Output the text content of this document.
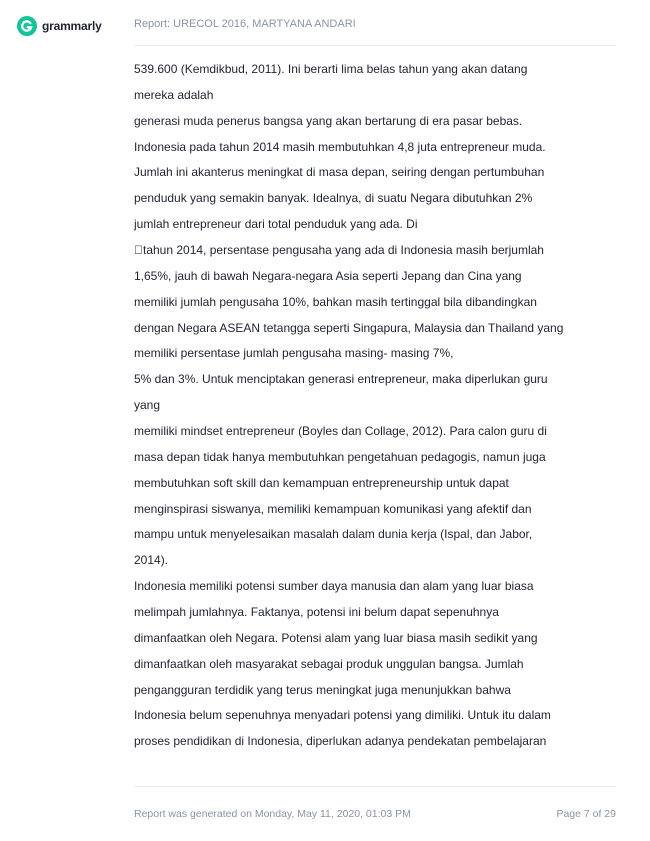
grammarly	Report: URECOL 2016, MARTYANA ANDARI
539.600 (Kemdikbud, 2011). Ini berarti lima belas tahun yang akan datang
mereka adalah
generasi muda penerus bangsa yang akan bertarung di era pasar bebas.
Indonesia pada tahun 2014 masih membutuhkan 4,8 juta entrepreneur muda.
Jumlah ini akanterus meningkat di masa depan, seiring dengan pertumbuhan
penduduk yang semakin banyak. Idealnya, di suatu Negara dibutuhkan 2%
jumlah entrepreneur dari total penduduk yang ada. Di
￿tahun 2014, persentase pengusaha yang ada di Indonesia masih berjumlah
1,65%, jauh di bawah Negara-negara Asia seperti Jepang dan Cina yang
memiliki jumlah pengusaha 10%, bahkan masih tertinggal bila dibandingkan
dengan Negara ASEAN tetangga seperti Singapura, Malaysia dan Thailand yang
memiliki persentase jumlah pengusaha masing- masing 7%,
5% dan 3%. Untuk menciptakan generasi entrepreneur, maka diperlukan guru
yang
memiliki mindset entrepreneur (Boyles dan Collage, 2012). Para calon guru di
masa depan tidak hanya membutuhkan pengetahuan pedagogis, namun juga
membutuhkan soft skill dan kemampuan entrepreneurship untuk dapat
menginspirasi siswanya, memiliki kemampuan komunikasi yang afektif dan
mampu untuk menyelesaikan masalah dalam dunia kerja (Ispal, dan Jabor,
2014).
Indonesia memiliki potensi sumber daya manusia dan alam yang luar biasa
melimpah jumlahnya. Faktanya, potensi ini belum dapat sepenuhnya
dimanfaatkan oleh Negara. Potensi alam yang luar biasa masih sedikit yang
dimanfaatkan oleh masyarakat sebagai produk unggulan bangsa. Jumlah
pengangguran terdidik yang terus meningkat juga menunjukkan bahwa
Indonesia belum sepenuhnya menyadari potensi yang dimiliki. Untuk itu dalam
proses pendidikan di Indonesia, diperlukan adanya pendekatan pembelajaran
Report was generated on Monday, May 11, 2020, 01:03 PM	Page 7 of 29
